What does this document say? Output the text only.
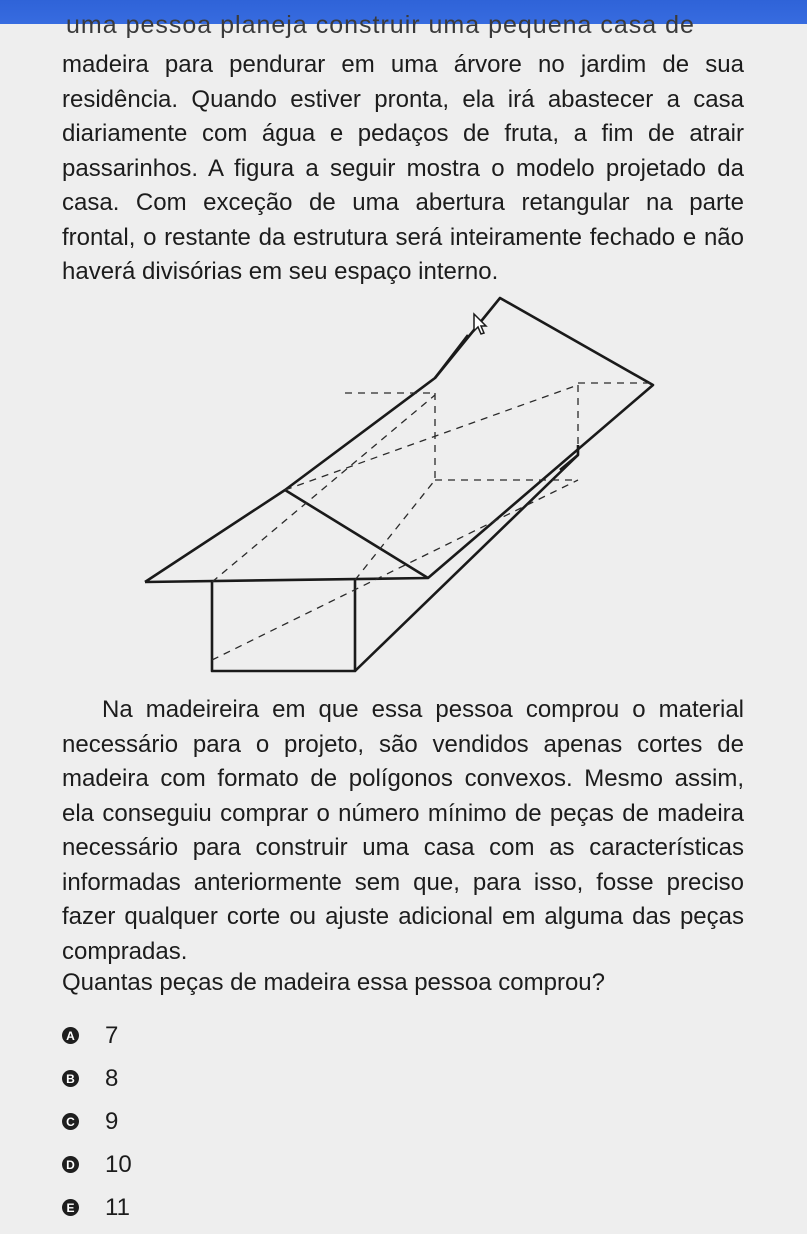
uma pessoa planeja construir uma pequena casa de

madeira para pendurar em uma árvore no jardim de sua residência. Quando estiver pronta, ela irá abastecer a casa diariamente com água e pedaços de fruta, a fim de atrair passarinhos. A figura a seguir mostra o modelo projetado da casa. Com exceção de uma abertura retangular na parte frontal, o restante da estrutura será inteiramente fechado e não haverá divisórias em seu espaço interno.

Na madeireira em que essa pessoa comprou o material necessário para o projeto, são vendidos apenas cortes de madeira com formato de polígonos convexos. Mesmo assim, ela conseguiu comprar o número mínimo de peças de madeira necessário para construir uma casa com as características informadas anteriormente sem que, para isso, fosse preciso fazer qualquer corte ou ajuste adicional em alguma das peças compradas.

Quantas peças de madeira essa pessoa comprou?

A 7
B 8
C 9
D 10
E 11
